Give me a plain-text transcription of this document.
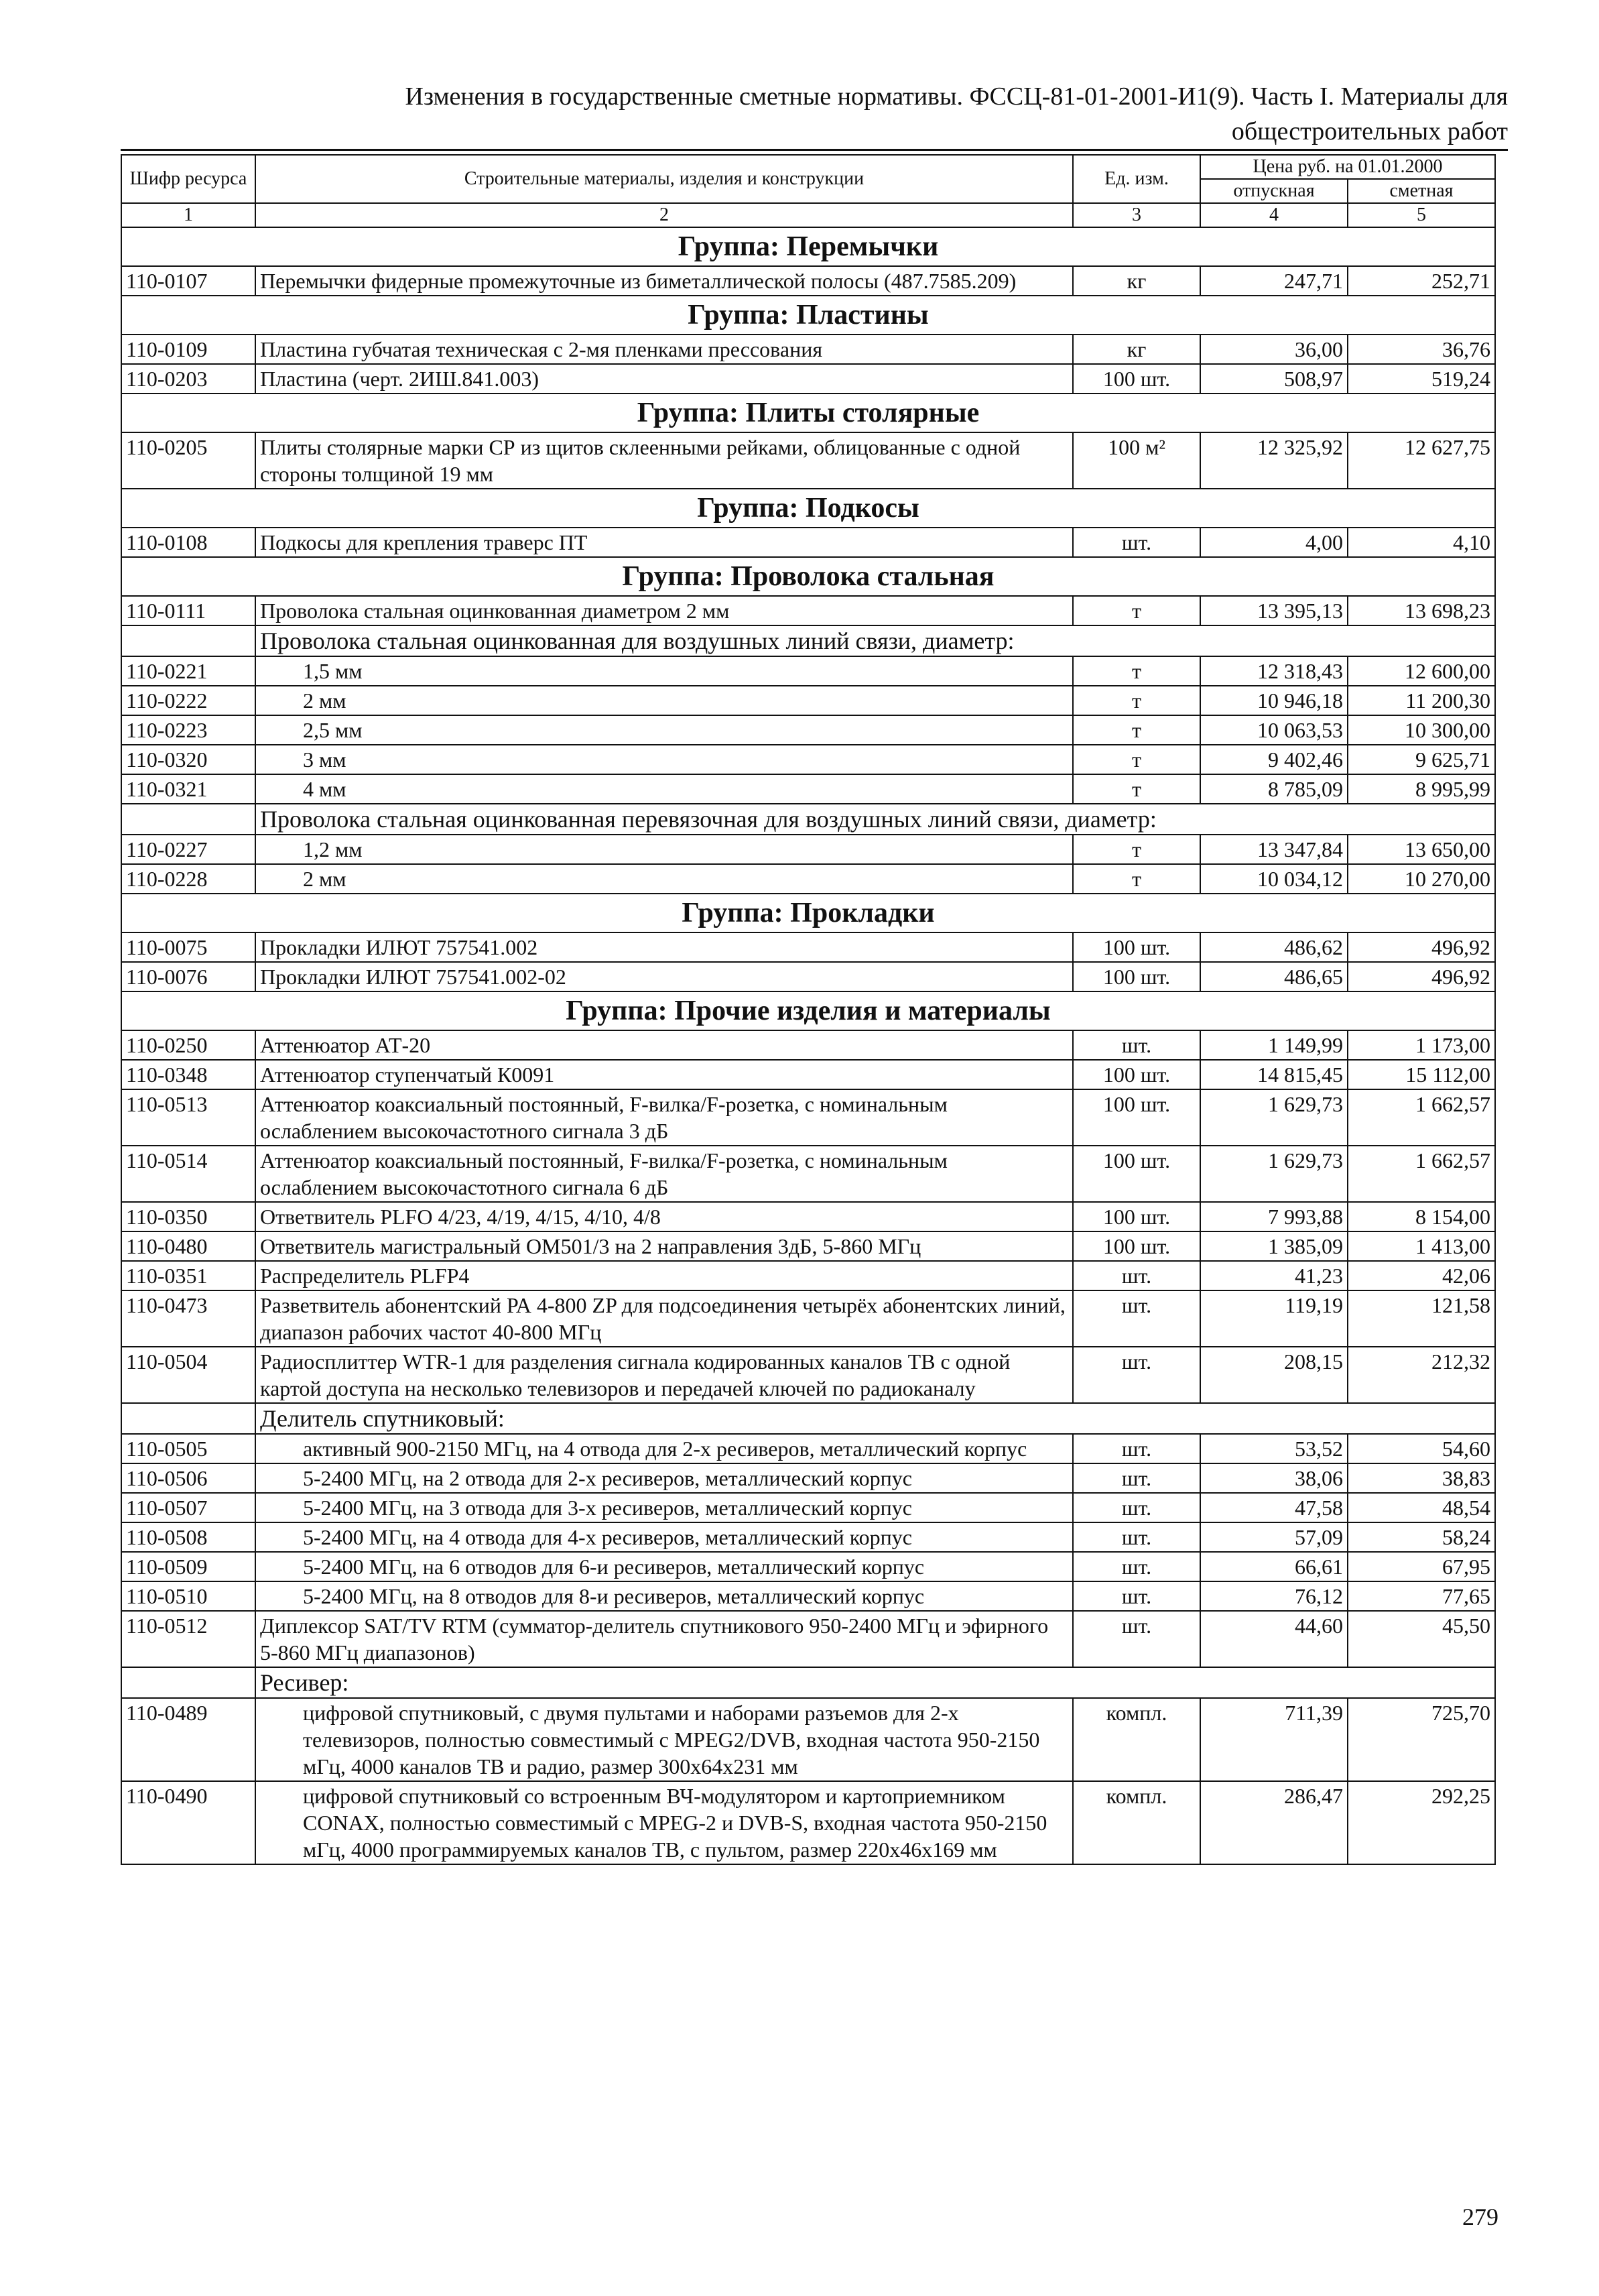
Изменения в государственные сметные нормативы. ФССЦ-81-01-2001-И1(9). Часть I. Материалы для
общестроительных работ
Шифр ресурса	Строительные материалы, изделия и конструкции	Ед. изм.	Цена руб. на 01.01.2000	
			отпускная	сметная
1	2	3	4	5
Группа: Перемычки				
110-0107	Перемычки фидерные промежуточные из биметаллической полосы (487.7585.209)	кг	247,71	252,71
Группа: Пластины				
110-0109	Пластина губчатая техническая с 2-мя пленками прессования	кг	36,00	36,76
110-0203	Пластина (черт. 2ИШ.841.003)	100 шт.	508,97	519,24
Группа: Плиты столярные				
110-0205	Плиты столярные марки СР из щитов склеенными рейками, облицованные с одной стороны толщиной 19 мм	100 м²	12 325,92	12 627,75
Группа: Подкосы				
110-0108	Подкосы для крепления траверс ПТ	шт.	4,00	4,10
Группа: Проволока стальная				
110-0111	Проволока стальная оцинкованная диаметром 2 мм	т	13 395,13	13 698,23
	Проволока стальная оцинкованная для воздушных линий связи, диаметр:			
110-0221	1,5 мм	т	12 318,43	12 600,00
110-0222	2 мм	т	10 946,18	11 200,30
110-0223	2,5 мм	т	10 063,53	10 300,00
110-0320	3 мм	т	9 402,46	9 625,71
110-0321	4 мм	т	8 785,09	8 995,99
	Проволока стальная оцинкованная перевязочная для воздушных линий связи, диаметр:			
110-0227	1,2 мм	т	13 347,84	13 650,00
110-0228	2 мм	т	10 034,12	10 270,00
Группа: Прокладки				
110-0075	Прокладки ИЛЮТ 757541.002	100 шт.	486,62	496,92
110-0076	Прокладки ИЛЮТ 757541.002-02	100 шт.	486,65	496,92
Группа: Прочие изделия и материалы				
110-0250	Аттенюатор АТ-20	шт.	1 149,99	1 173,00
110-0348	Аттенюатор ступенчатый К0091	100 шт.	14 815,45	15 112,00
110-0513	Аттенюатор коаксиальный постоянный, F-вилка/F-розетка, с номинальным ослаблением высокочастотного сигнала 3 дБ	100 шт.	1 629,73	1 662,57
110-0514	Аттенюатор коаксиальный постоянный, F-вилка/F-розетка, с номинальным ослаблением высокочастотного сигнала 6 дБ	100 шт.	1 629,73	1 662,57
110-0350	Ответвитель PLFO 4/23, 4/19, 4/15, 4/10, 4/8	100 шт.	7 993,88	8 154,00
110-0480	Ответвитель магистральный ОМ501/3 на 2 направления 3дБ, 5-860 МГц	100 шт.	1 385,09	1 413,00
110-0351	Распределитель PLFP4	шт.	41,23	42,06
110-0473	Разветвитель абонентский РА 4-800 ZP для подсоединения четырёх абонентских линий, диапазон рабочих частот 40-800 МГц	шт.	119,19	121,58
110-0504	Радиосплиттер WTR-1 для разделения сигнала кодированных каналов ТВ с одной картой доступа на несколько телевизоров и передачей ключей по радиоканалу	шт.	208,15	212,32
	Делитель спутниковый:			
110-0505	активный 900-2150 МГц, на 4 отвода для 2-х ресиверов, металлический корпус	шт.	53,52	54,60
110-0506	5-2400 МГц, на 2 отвода для 2-х ресиверов, металлический корпус	шт.	38,06	38,83
110-0507	5-2400 МГц, на 3 отвода для 3-х ресиверов, металлический корпус	шт.	47,58	48,54
110-0508	5-2400 МГц, на 4 отвода для 4-х ресиверов, металлический корпус	шт.	57,09	58,24
110-0509	5-2400 МГц, на 6 отводов для 6-и ресиверов, металлический корпус	шт.	66,61	67,95
110-0510	5-2400 МГц, на 8 отводов для 8-и ресиверов, металлический корпус	шт.	76,12	77,65
110-0512	Диплексор SAT/TV RTM (сумматор-делитель спутникового 950-2400 МГц и эфирного 5-860 МГц диапазонов)	шт.	44,60	45,50
	Ресивер:			
110-0489	цифровой спутниковый, с двумя пультами и наборами разъемов для 2-х телевизоров, полностью совместимый с MPEG2/DVB, входная частота 950-2150 мГц, 4000 каналов ТВ и радио, размер 300х64х231 мм	компл.	711,39	725,70
110-0490	цифровой спутниковый со встроенным ВЧ-модулятором и картоприемником CONAX, полностью совместимый с MPEG-2 и DVB-S, входная частота 950-2150 мГц, 4000 программируемых каналов ТВ, с пультом, размер 220х46х169 мм	компл.	286,47	292,25
279
